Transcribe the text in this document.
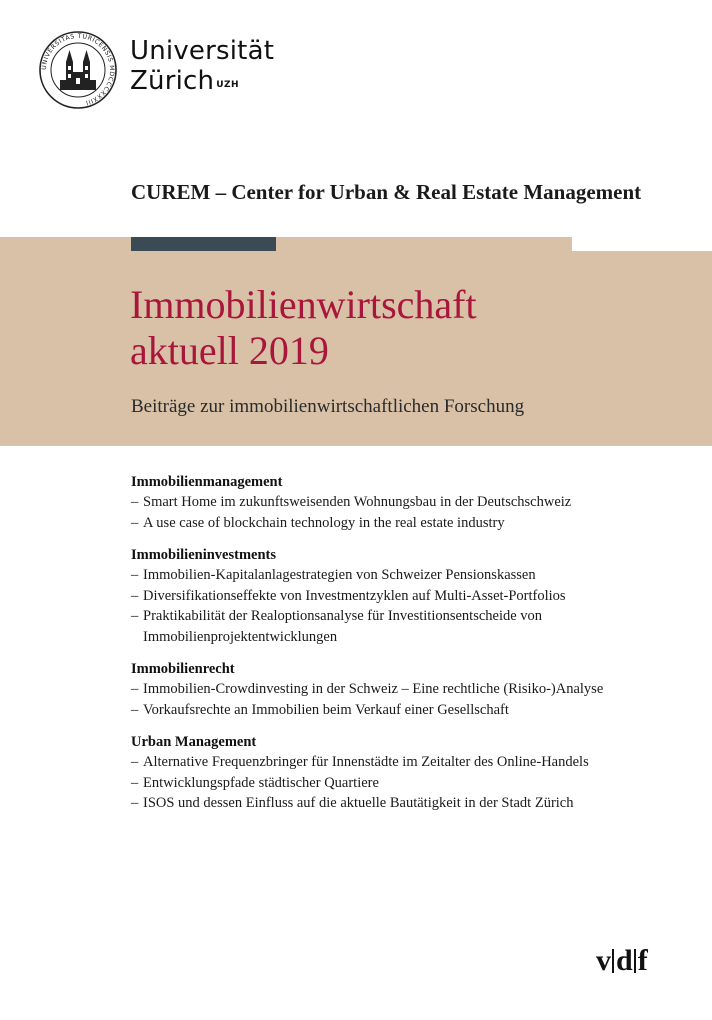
UNIVERSITAS TURICENSIS MDCCCXXXIII
Universität
Zürich $^{UZH}$
CUREM – Center for Urban & Real Estate Management
Immobilienwirtschaft
aktuell 2019
Beiträge zur immobilienwirtschaftlichen Forschung
Immobilienmanagement
– Smart Home im zukunftsweisenden Wohnungsbau in der Deutschschweiz
– A use case of blockchain technology in the real estate industry
Immobilieninvestments
– Immobilien-Kapitalanlagestrategien von Schweizer Pensionskassen
– Diversifikationseffekte von Investmentzyklen auf Multi-Asset-Portfolios
– Praktikabilität der Realoptionsanalyse für Investitionsentscheide von
Immobilienprojektentwicklungen
Immobilienrecht
– Immobilien-Crowdinvesting in der Schweiz – Eine rechtliche (Risiko-)Analyse
– Vorkaufsrechte an Immobilien beim Verkauf einer Gesellschaft
Urban Management
– Alternative Frequenzbringer für Innenstädte im Zeitalter des Online-Handels
– Entwicklungspfade städtischer Quartiere
– ISOS und dessen Einfluss auf die aktuelle Bautätigkeit in der Stadt Zürich
v d f
